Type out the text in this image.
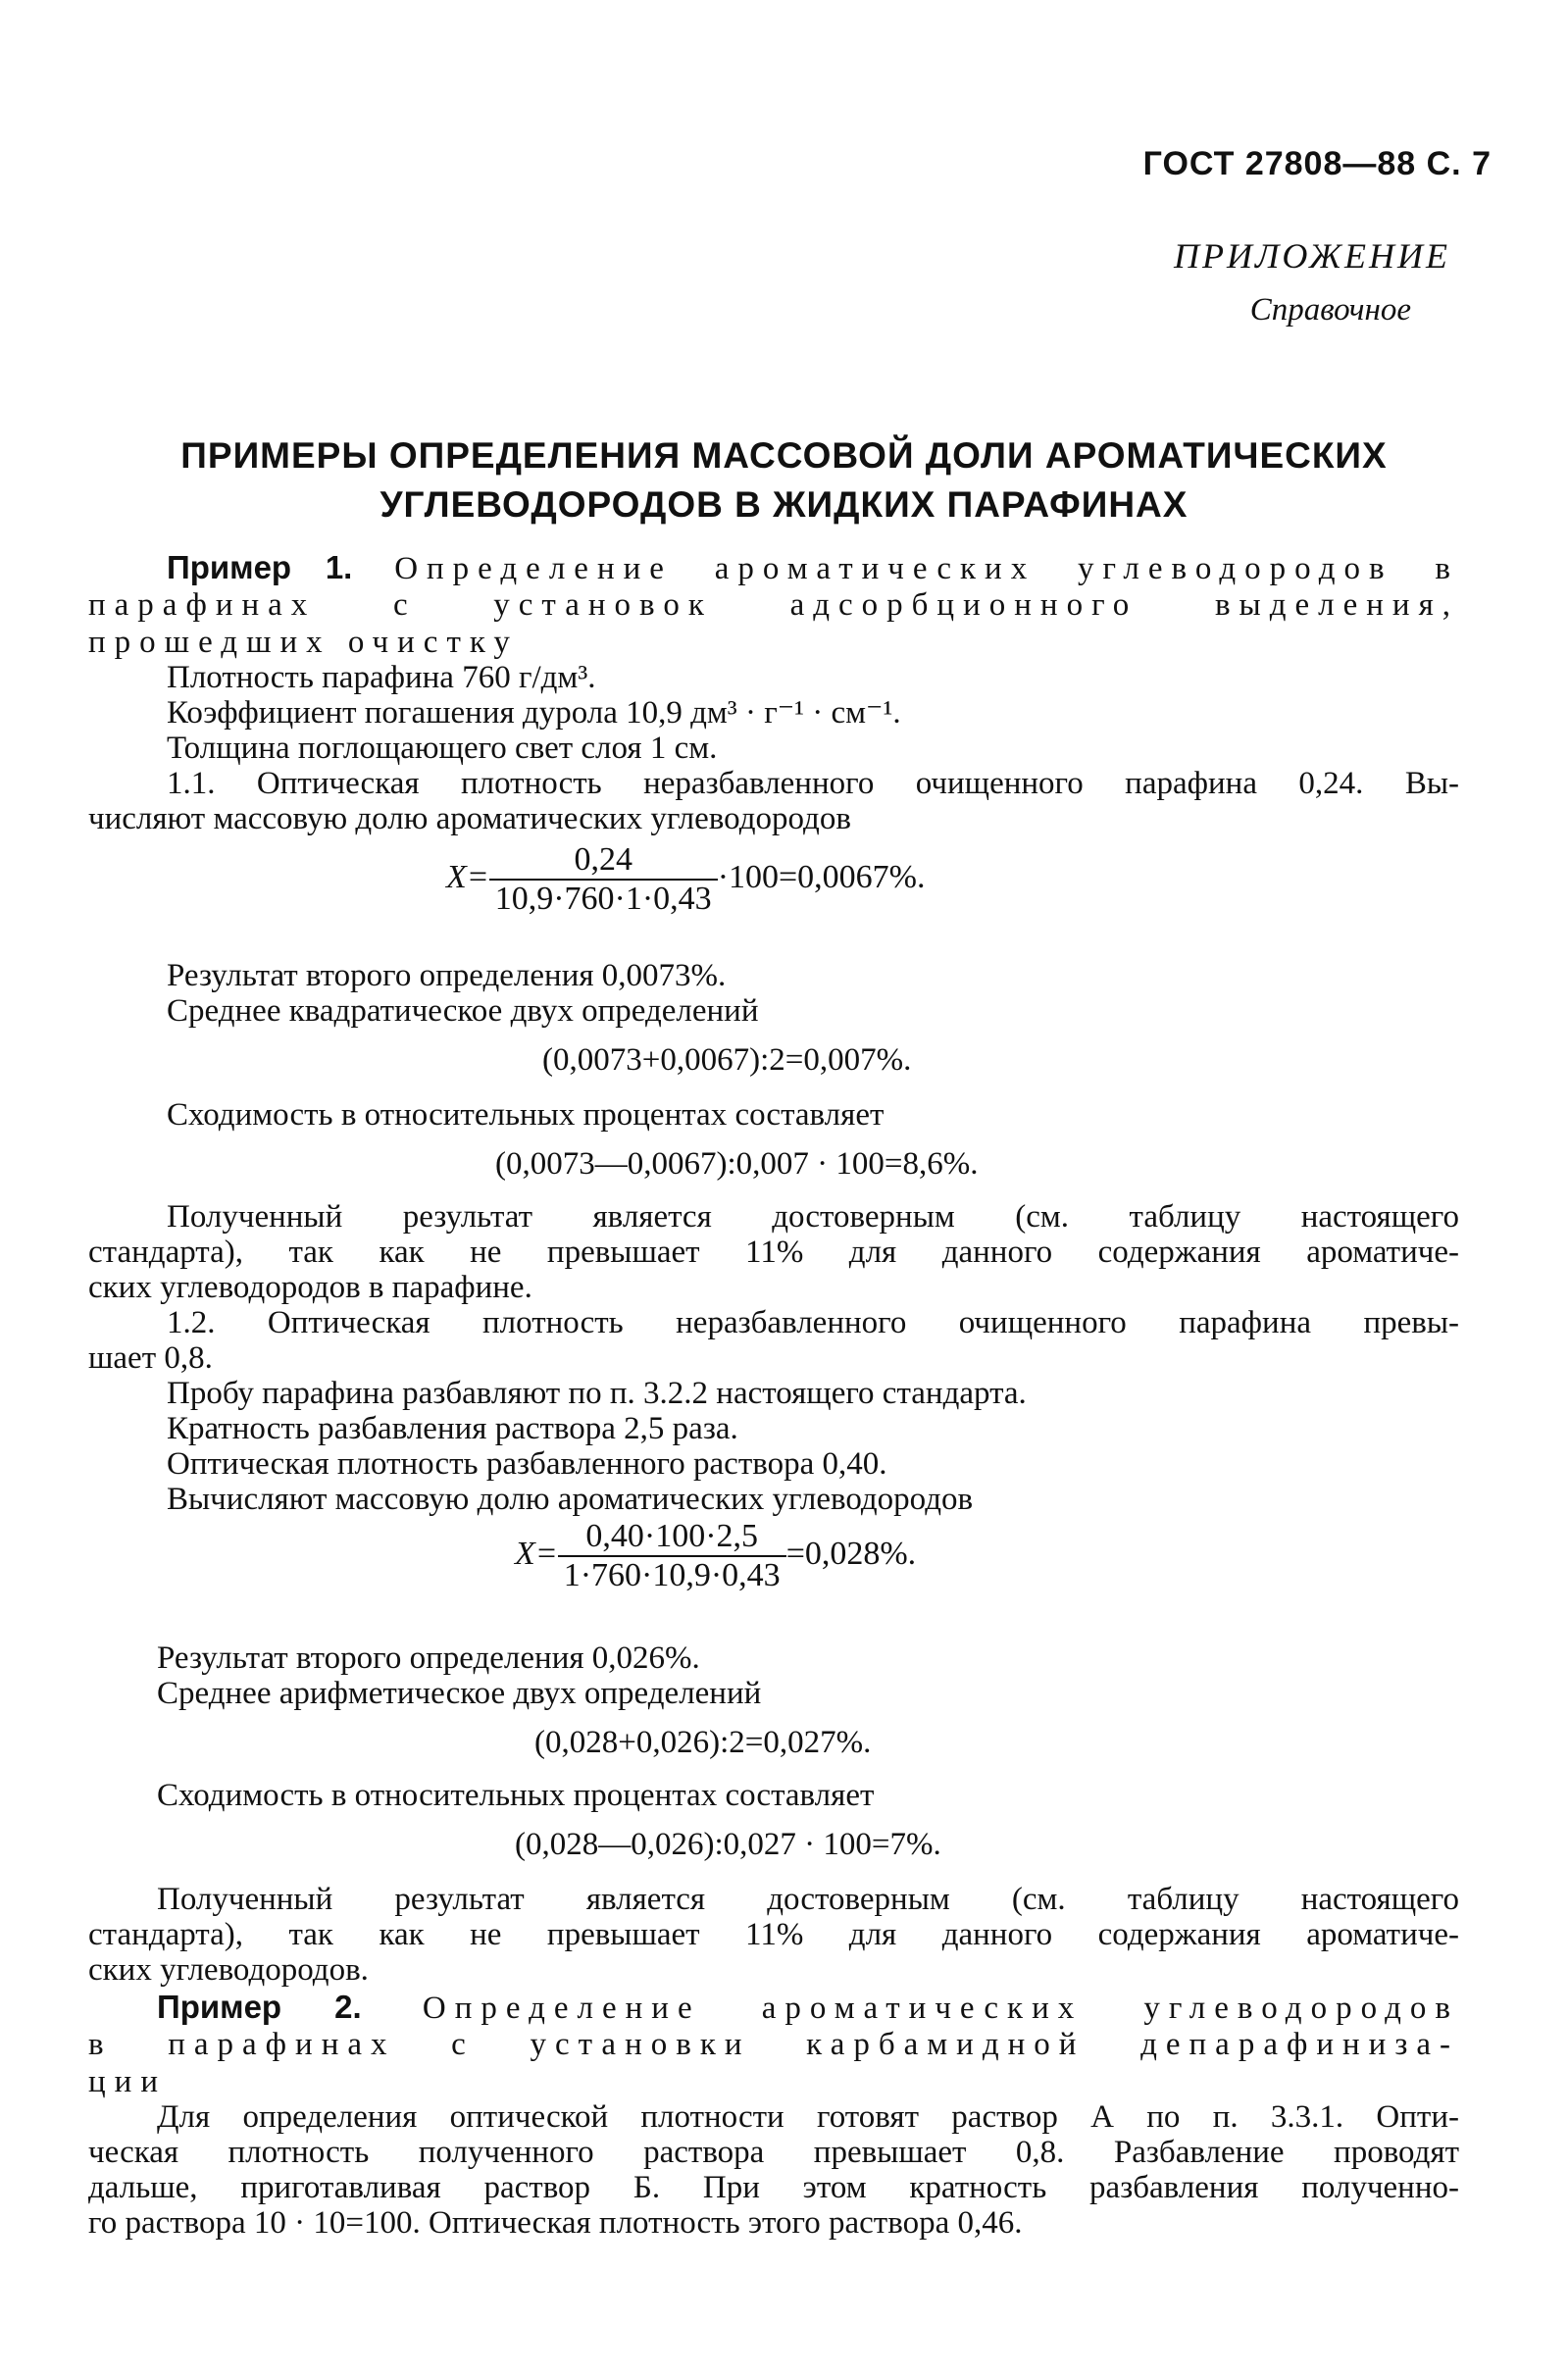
ГОСТ 27808—88 С. 7
ПРИЛОЖЕНИЕ
Справочное
ПРИМЕРЫ ОПРЕДЕЛЕНИЯ МАССОВОЙ ДОЛИ АРОМАТИЧЕСКИХ
УГЛЕВОДОРОДОВ В ЖИДКИХ ПАРАФИНАХ
Пример 1. Определение ароматических углеводородов в
парафинах с установок адсорбционного выделения,
прошедших очистку
Плотность парафина 760 г/дм³.
Коэффициент погашения дурола 10,9 дм³ · г⁻¹ · см⁻¹.
Толщина поглощающего свет слоя 1 см.
1.1. Оптическая плотность неразбавленного очищенного парафина 0,24. Вы-
числяют массовую долю ароматических углеводородов
$X= \frac{0,24}{10,9\cdot 760\cdot 1\cdot 0,43} \cdot 100=0,0067\%$.
Результат второго определения 0,0073%.
Среднее квадратическое двух определений
(0,0073+0,0067):2=0,007%.
Сходимость в относительных процентах составляет
(0,0073—0,0067):0,007 · 100=8,6%.
Полученный результат является достоверным (см. таблицу настоящего
стандарта), так как не превышает 11% для данного содержания ароматиче-
ских углеводородов в парафине.
1.2. Оптическая плотность неразбавленного очищенного парафина превы-
шает 0,8.
Пробу парафина разбавляют по п. 3.2.2 настоящего стандарта.
Кратность разбавления раствора 2,5 раза.
Оптическая плотность разбавленного раствора 0,40.
Вычисляют массовую долю ароматических углеводородов
$X= \frac{0,40\cdot 100\cdot 2,5}{1\cdot 760\cdot 10,9\cdot 0,43} =0,028\%$.
Результат второго определения 0,026%.
Среднее арифметическое двух определений
(0,028+0,026):2=0,027%.
Сходимость в относительных процентах составляет
(0,028—0,026):0,027 · 100=7%.
Полученный результат является достоверным (см. таблицу настоящего
стандарта), так как не превышает 11% для данного содержания ароматиче-
ских углеводородов.
Пример 2. Определение ароматических углеводородов
в парафинах с установки карбамидной депарафиниза-
ции
Для определения оптической плотности готовят раствор А по п. 3.3.1. Опти-
ческая плотность полученного раствора превышает 0,8. Разбавление проводят
дальше, приготавливая раствор Б. При этом кратность разбавления полученно-
го раствора 10 · 10=100. Оптическая плотность этого раствора 0,46.
